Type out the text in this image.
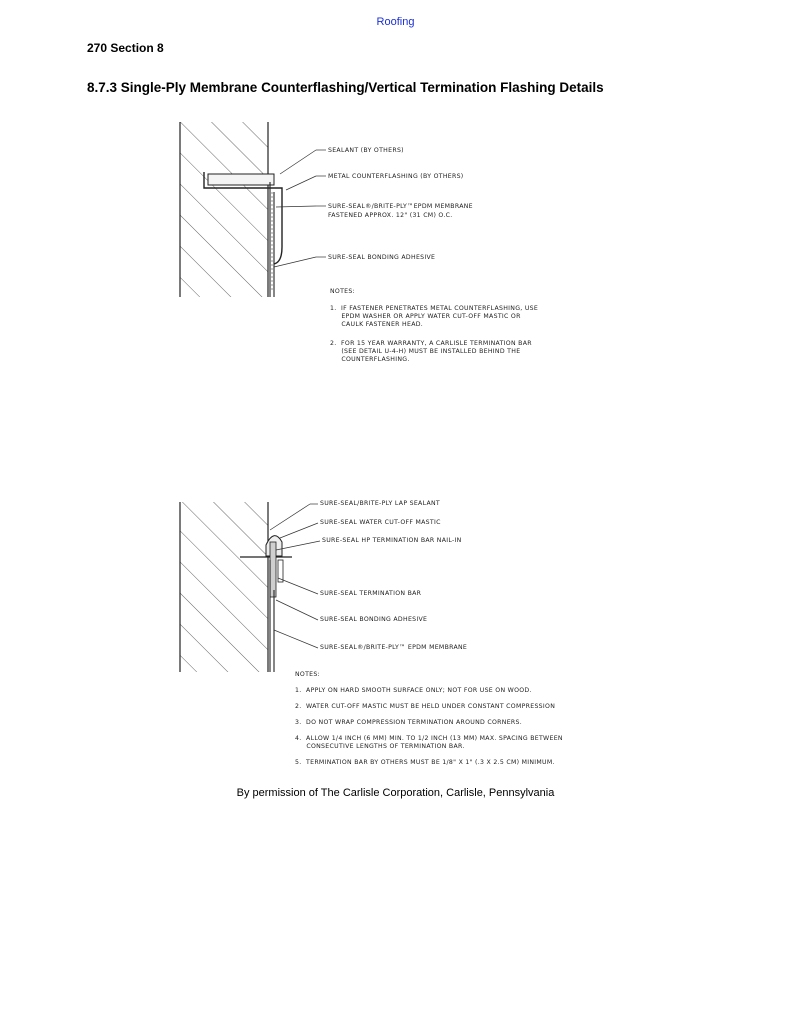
Roofing
270 Section 8
8.7.3 Single-Ply Membrane Counterflashing/Vertical Termination Flashing Details
SEALANT (BY OTHERS)
METAL COUNTERFLASHING (BY OTHERS)
SURE-SEAL®/BRITE-PLY™EPDM MEMBRANE
FASTENED APPROX. 12" (31 CM) O.C.
SURE-SEAL BONDING ADHESIVE
NOTES:
1.  IF FASTENER PENETRATES METAL COUNTERFLASHING, USE
EPDM WASHER OR APPLY WATER CUT-OFF MASTIC OR
CAULK FASTENER HEAD.
2.  FOR 15 YEAR WARRANTY, A CARLISLE TERMINATION BAR
(SEE DETAIL U-4-H) MUST BE INSTALLED BEHIND THE
COUNTERFLASHING.
SURE-SEAL/BRITE-PLY LAP SEALANT
SURE-SEAL WATER CUT-OFF MASTIC
SURE-SEAL HP TERMINATION BAR NAIL-IN
SURE-SEAL TERMINATION BAR
SURE-SEAL BONDING ADHESIVE
SURE-SEAL®/BRITE-PLY™ EPDM MEMBRANE
NOTES:
1.  APPLY ON HARD SMOOTH SURFACE ONLY; NOT FOR USE ON WOOD.
2.  WATER CUT-OFF MASTIC MUST BE HELD UNDER CONSTANT COMPRESSION
3.  DO NOT WRAP COMPRESSION TERMINATION AROUND CORNERS.
4.  ALLOW 1/4 INCH (6 MM) MIN. TO 1/2 INCH (13 MM) MAX. SPACING BETWEEN
CONSECUTIVE LENGTHS OF TERMINATION BAR.
5.  TERMINATION BAR BY OTHERS MUST BE 1/8" X 1" (.3 X 2.5 CM) MINIMUM.
By permission of The Carlisle Corporation, Carlisle, Pennsylvania
